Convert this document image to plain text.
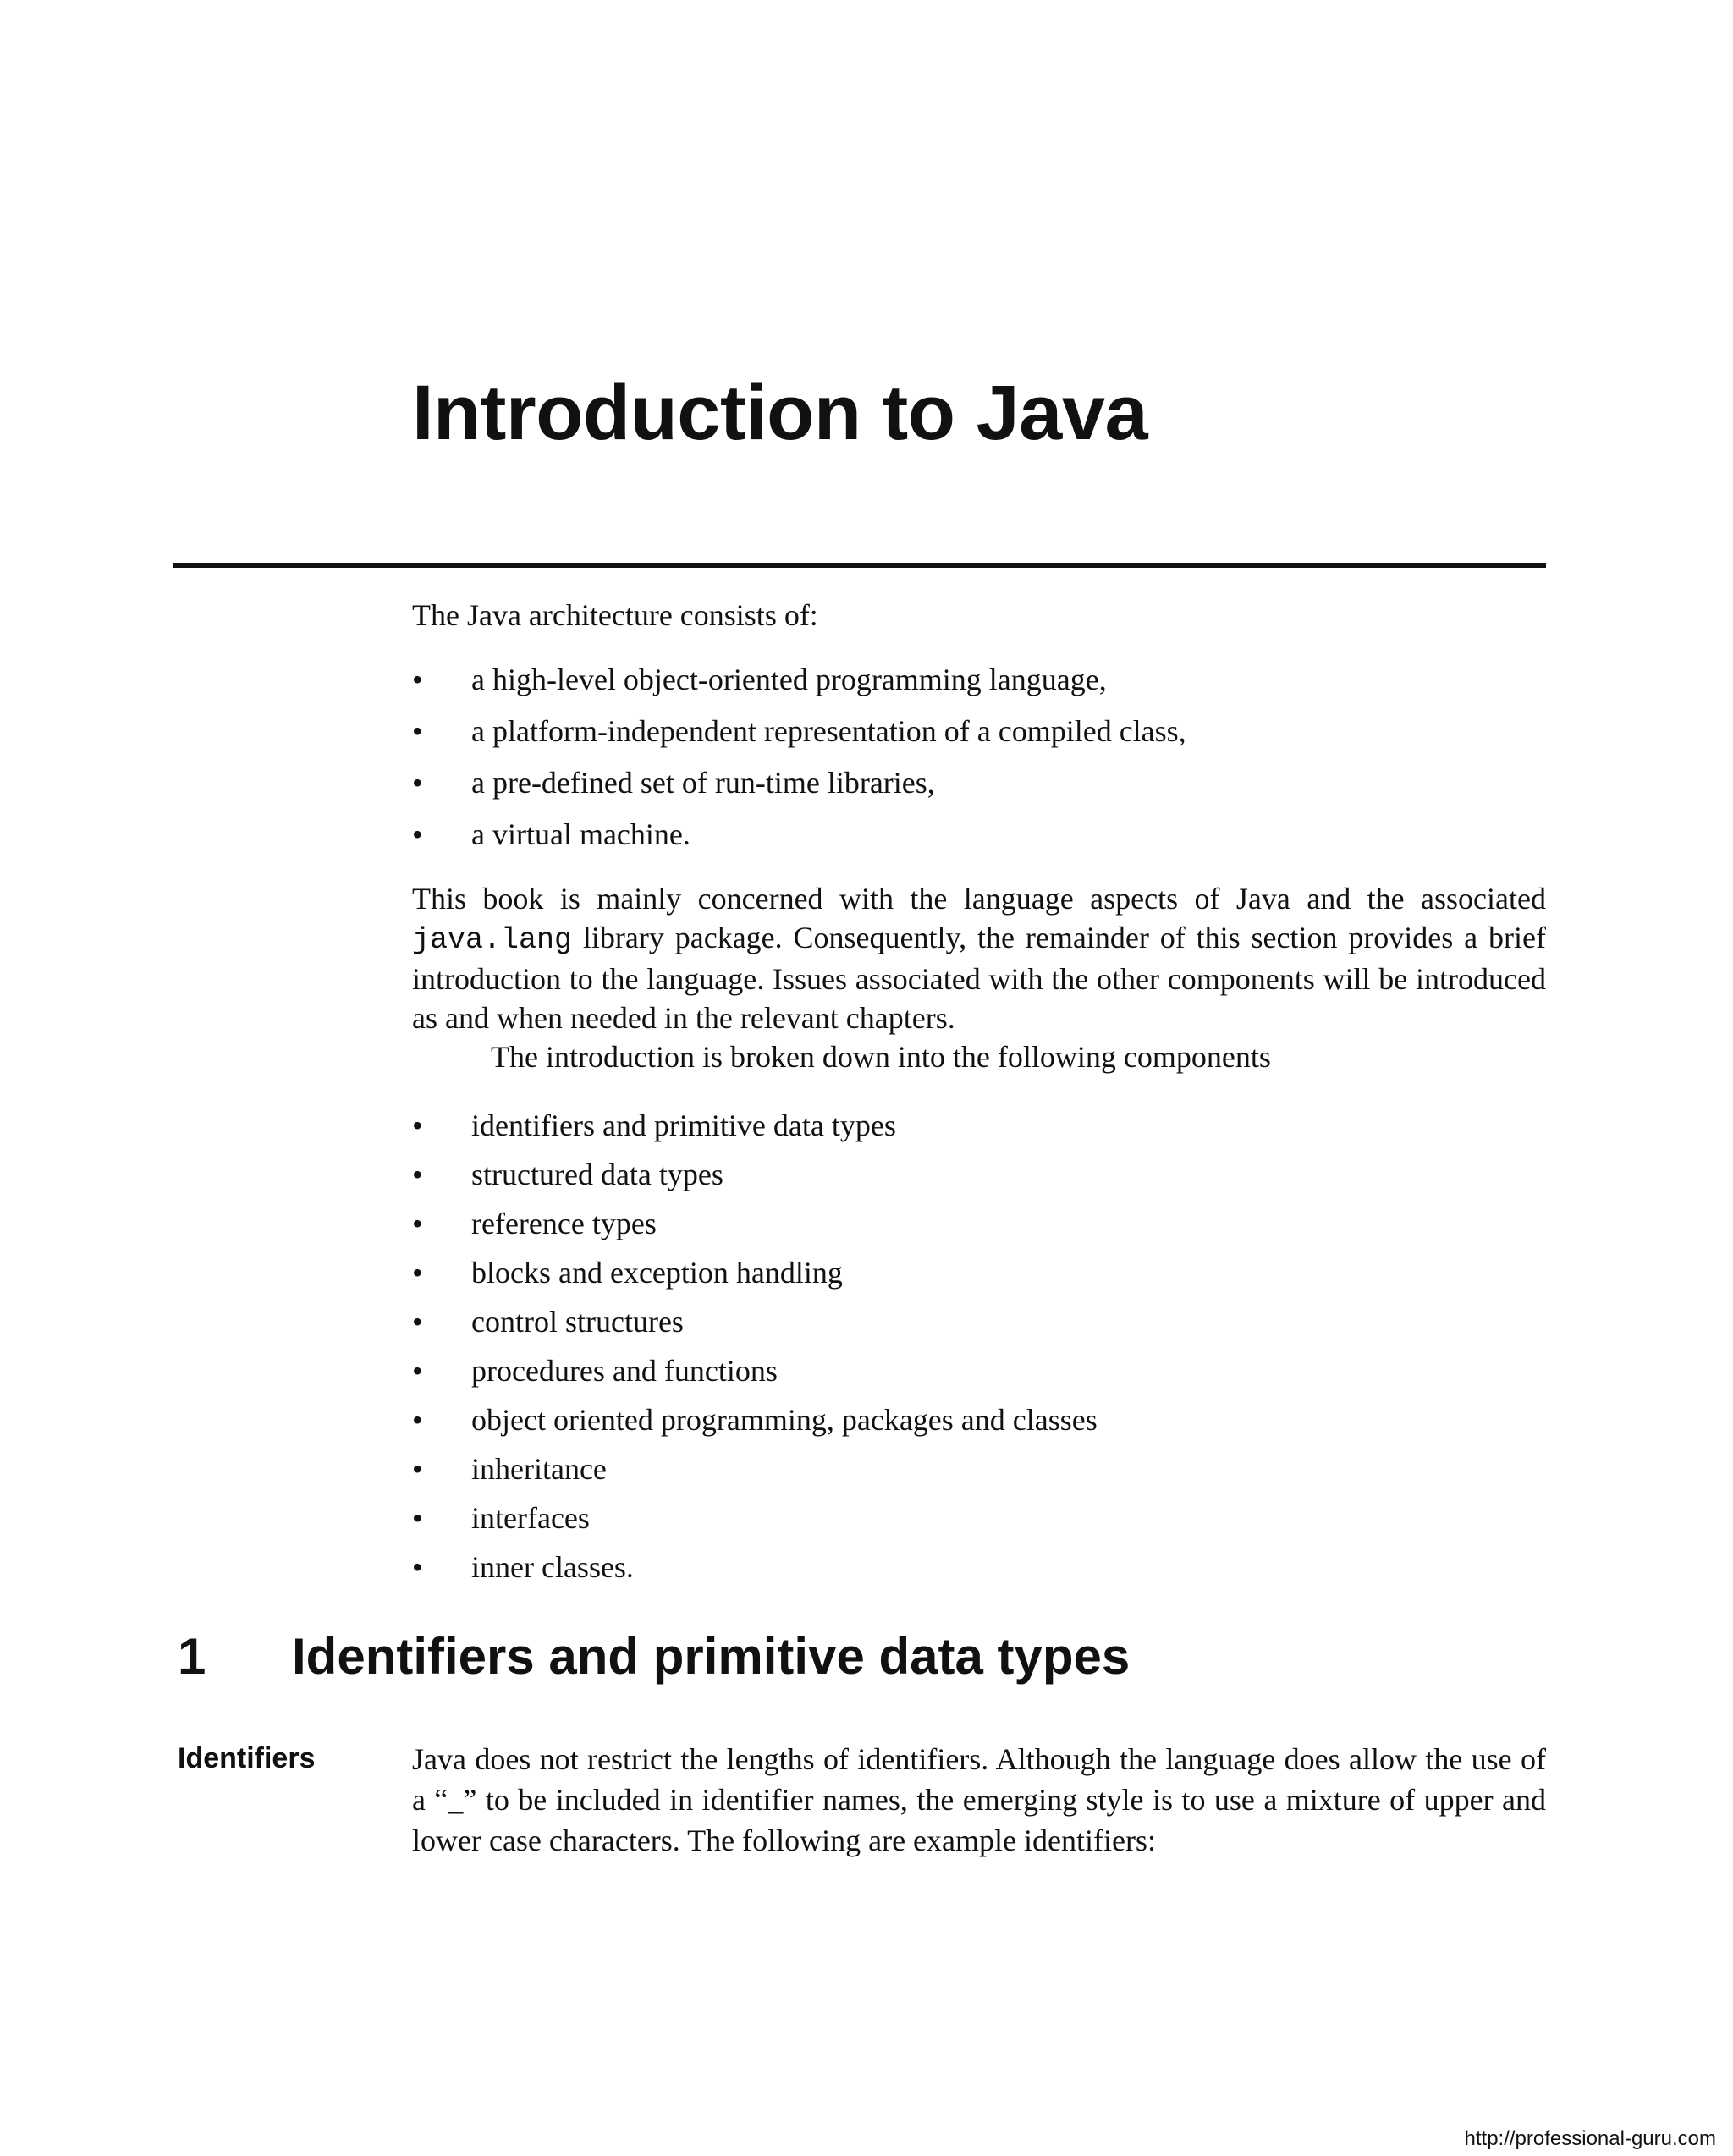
Introduction to Java

The Java architecture consists of:

• a high-level object-oriented programming language,
• a platform-independent representation of a compiled class,
• a pre-defined set of run-time libraries,
• a virtual machine.

This book is mainly concerned with the language aspects of Java and the associated java.lang library package. Consequently, the remainder of this section provides a brief introduction to the language. Issues associated with the other components will be introduced as and when needed in the relevant chapters.

The introduction is broken down into the following components

• identifiers and primitive data types
• structured data types
• reference types
• blocks and exception handling
• control structures
• procedures and functions
• object oriented programming, packages and classes
• inheritance
• interfaces
• inner classes.
1 Identifiers and primitive data types
Identifiers	Java does not restrict the lengths of identifiers. Although the language does allow the use of a “_” to be included in identifier names, the emerging style is to use a mixture of upper and lower case characters. The following are example identifiers:

http://professional-guru.com
